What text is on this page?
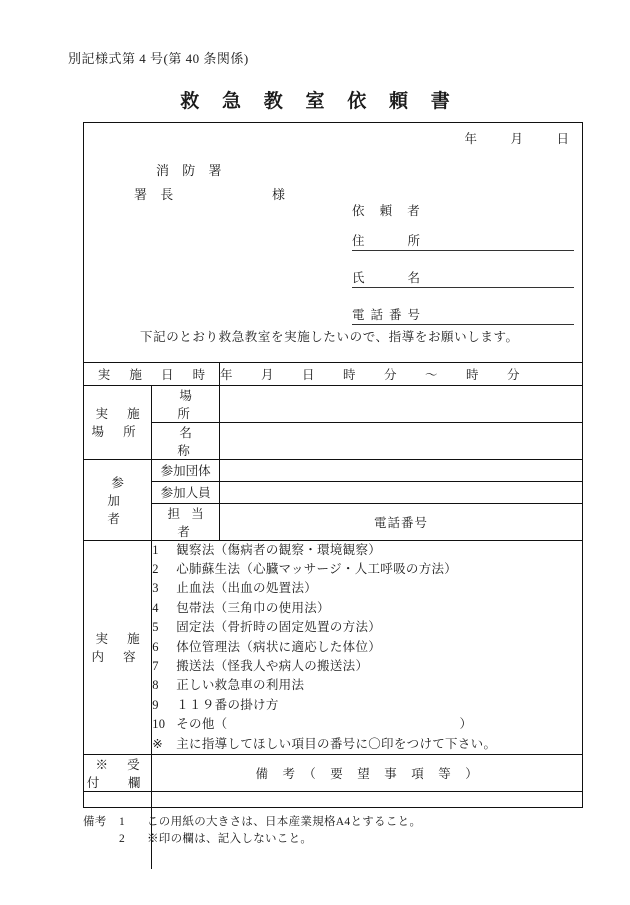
別記様式第 4 号(第 40 条関係)
救 急 教 室 依 頼 書
年	月	日
消 防 署
署 長	様
依 頼 者
住　　所
氏　　名
電話番号
下記のとおり救急教室を実施したいので、指導をお願いします。
実 施 日 時		年 月 日 時 分 ～ 時 分
実 施 場 所	場　　所	
	名　　称	
参　　加　　者	参加団体	
	参加人員	
	担 当 者	電話番号
実 施 内 容	
1 観察法（傷病者の観察・環境観察）
2 心肺蘇生法（心臓マッサージ・人工呼吸の方法）
3 止血法（出血の処置法）
4 包帯法（三角巾の使用法）
5 固定法（骨折時の固定処置の方法）
6 体位管理法（病状に適応した体位）
7 搬送法（怪我人や病人の搬送法）
8 正しい救急車の利用法
9 １１９番の掛け方
10 その他（	）
※ 主に指導してほしい項目の番号に〇印をつけて下さい。

※ 受　付　欄	備　考　（　要　望　事　項　等　）	

備考 1 この用紙の大きさは、日本産業規格A4とすること。
2 ※印の欄は、記入しないこと。
